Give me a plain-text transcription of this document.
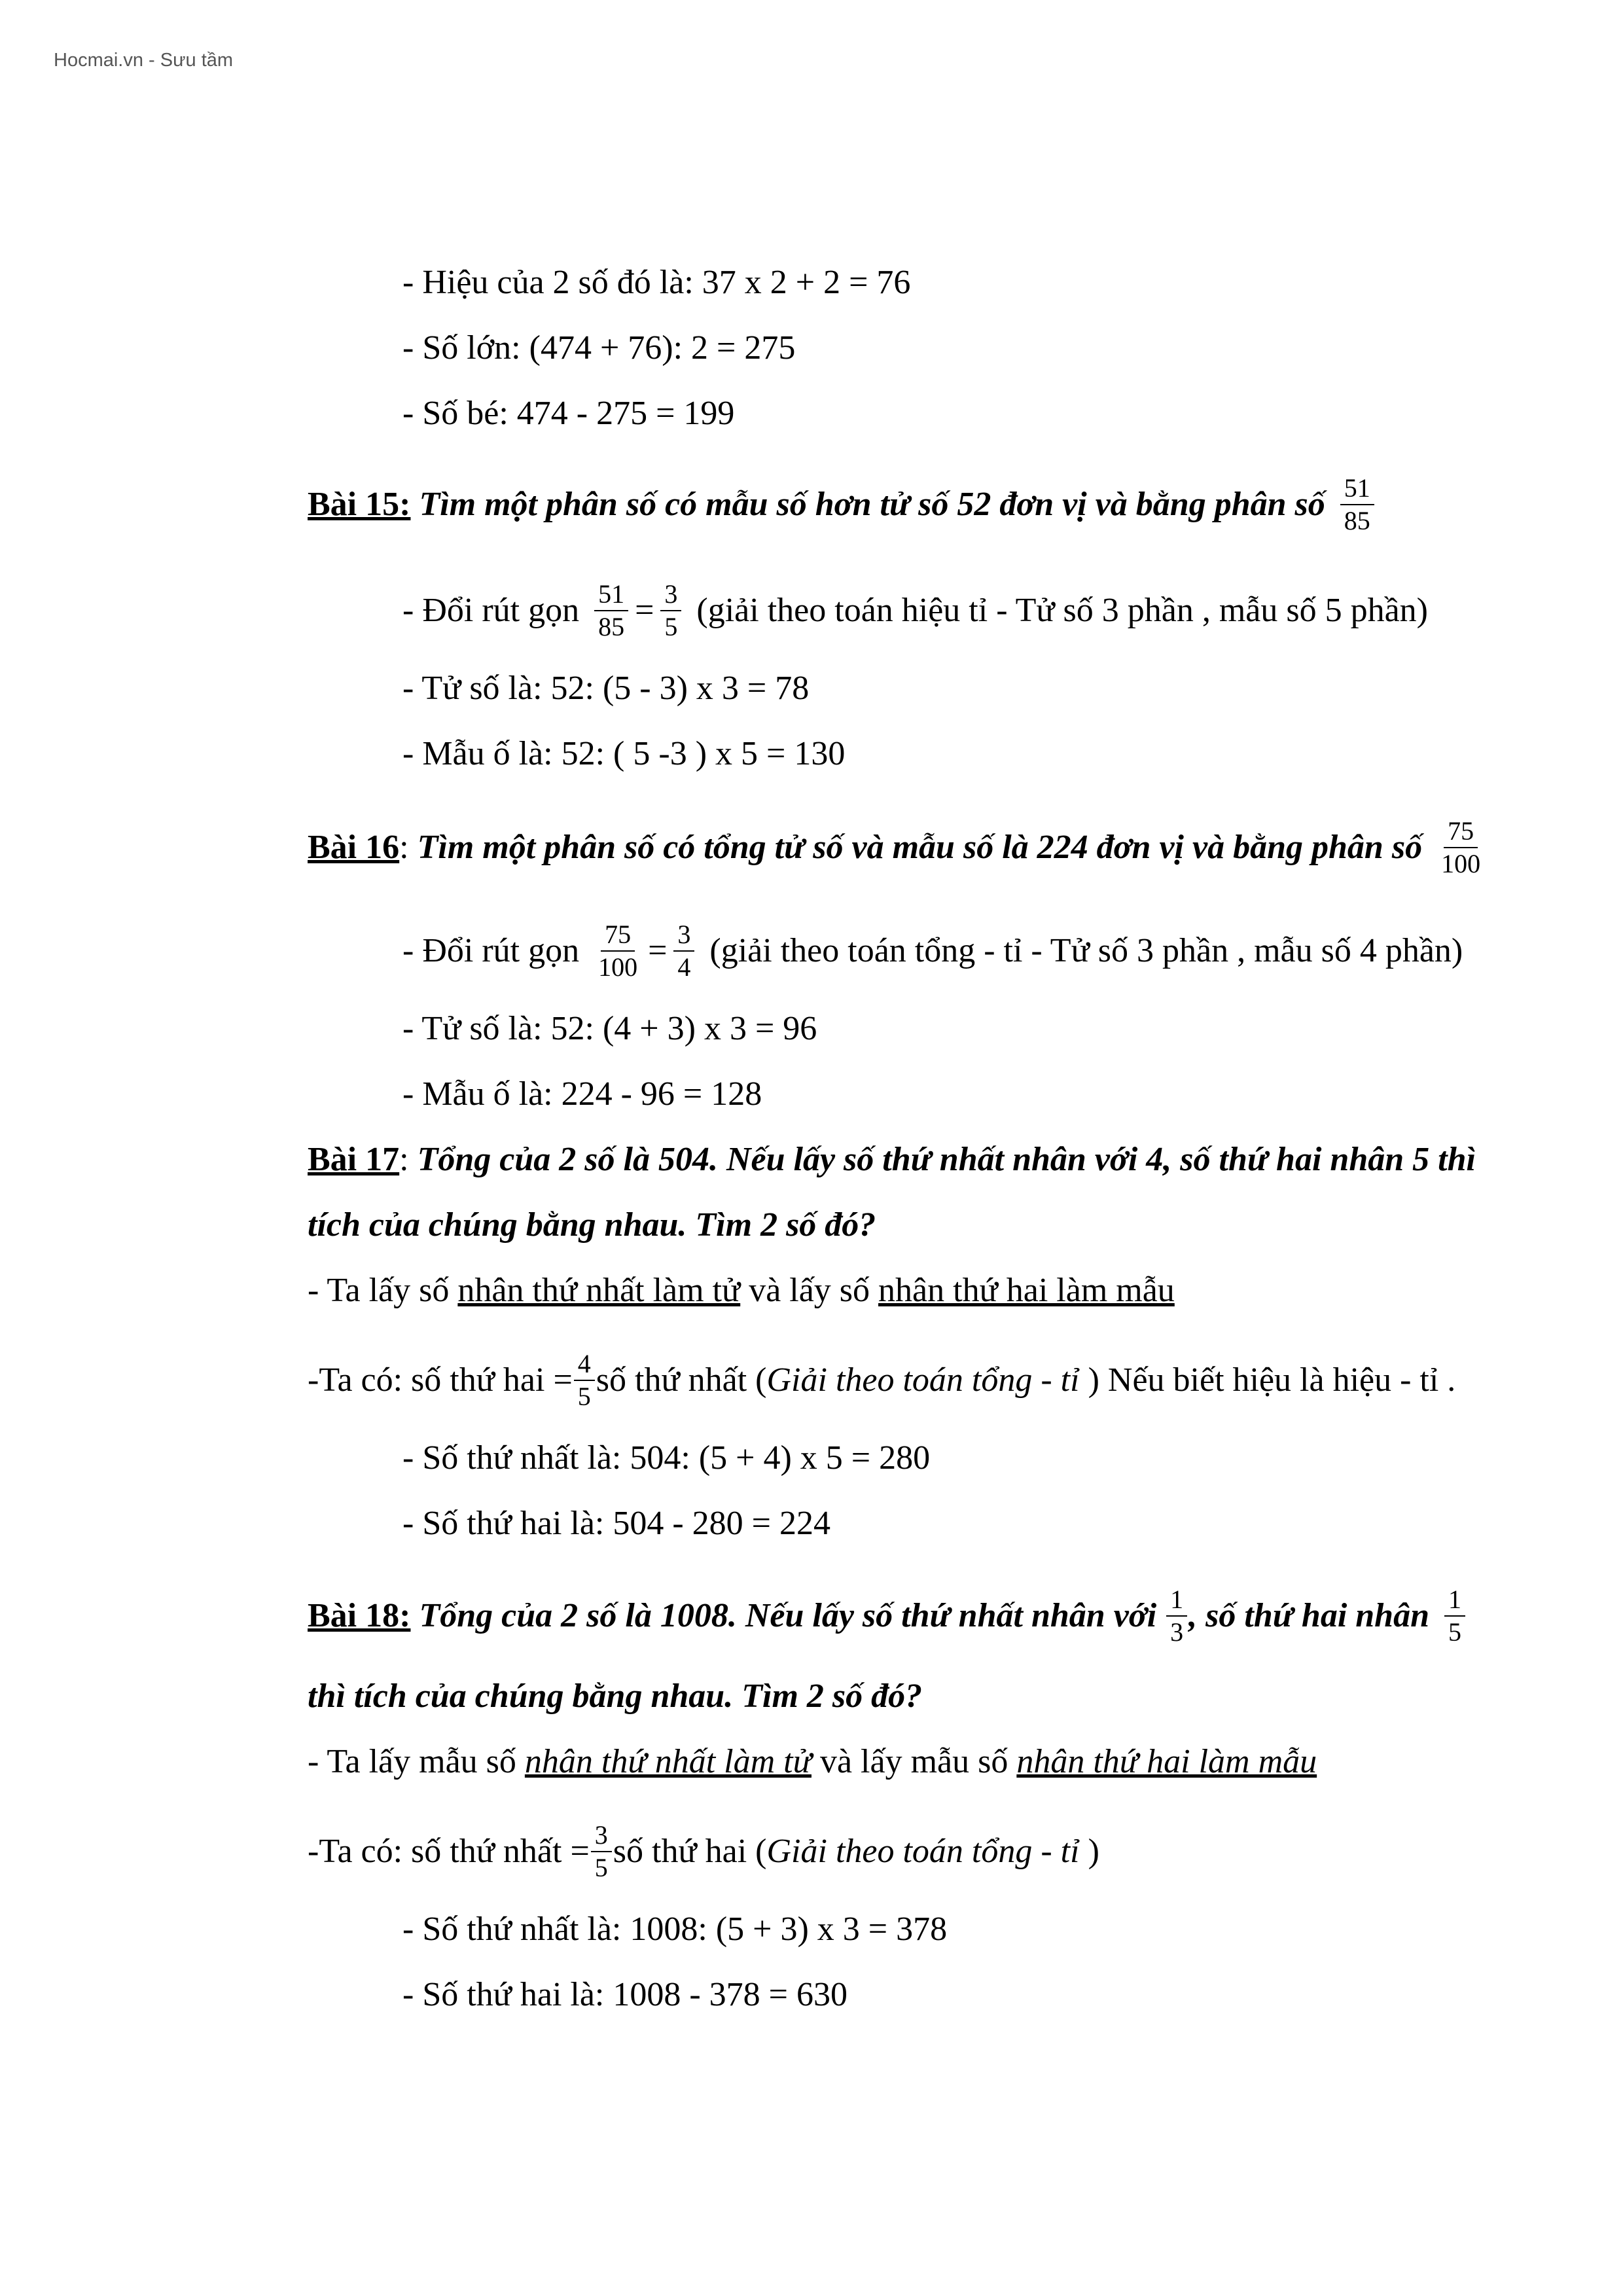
Hocmai.vn - Sưu tầm
- Hiệu của 2 số đó là: 37 x 2 + 2 = 76
- Số lớn: (474 + 76): 2 = 275
- Số bé: 474 - 275 = 199
Bài 15: Tìm một phân số có mẫu số hơn tử số 52 đơn vị và bằng phân số $\frac{51}{85}$
- Đổi rút gọn $\frac{51}{85} = \frac{3}{5}$ (giải theo toán hiệu tỉ - Tử số 3 phần , mẫu số 5 phần)
- Tử số là: 52: (5 - 3) x 3 = 78
- Mẫu ố là: 52: ( 5 -3 ) x 5 = 130
Bài 16: Tìm một phân số có tổng tử số và mẫu số là 224 đơn vị và bằng phân số $\frac{75}{100}$
- Đổi rút gọn $\frac{75}{100} = \frac{3}{4}$ (giải theo toán tổng - tỉ - Tử số 3 phần , mẫu số 4 phần)
- Tử số là: 52: (4 + 3) x 3 = 96
- Mẫu ố là: 224 - 96 = 128
Bài 17: Tổng của 2 số là 504. Nếu lấy số thứ nhất nhân với 4, số thứ hai nhân 5 thì
tích của chúng bằng nhau. Tìm 2 số đó?
- Ta lấy số nhân thứ nhất làm tử và lấy số nhân thứ hai làm mẫu
-Ta có: số thứ hai = $\frac{4}{5}$ số thứ nhất (Giải theo toán tổng - tỉ ) Nếu biết hiệu là hiệu - tỉ .
- Số thứ nhất là: 504: (5 + 4) x 5 = 280
- Số thứ hai là: 504 - 280 = 224
Bài 18: Tổng của 2 số là 1008. Nếu lấy số thứ nhất nhân với $\frac{1}{3}$ , số thứ hai nhân $\frac{1}{5}$
thì tích của chúng bằng nhau. Tìm 2 số đó?
- Ta lấy mẫu số nhân thứ nhất làm tử và lấy mẫu số nhân thứ hai làm mẫu
-Ta có: số thứ nhất = $\frac{3}{5}$ số thứ hai (Giải theo toán tổng - tỉ )
- Số thứ nhất là: 1008: (5 + 3) x 3 = 378
- Số thứ hai là: 1008 - 378 = 630
